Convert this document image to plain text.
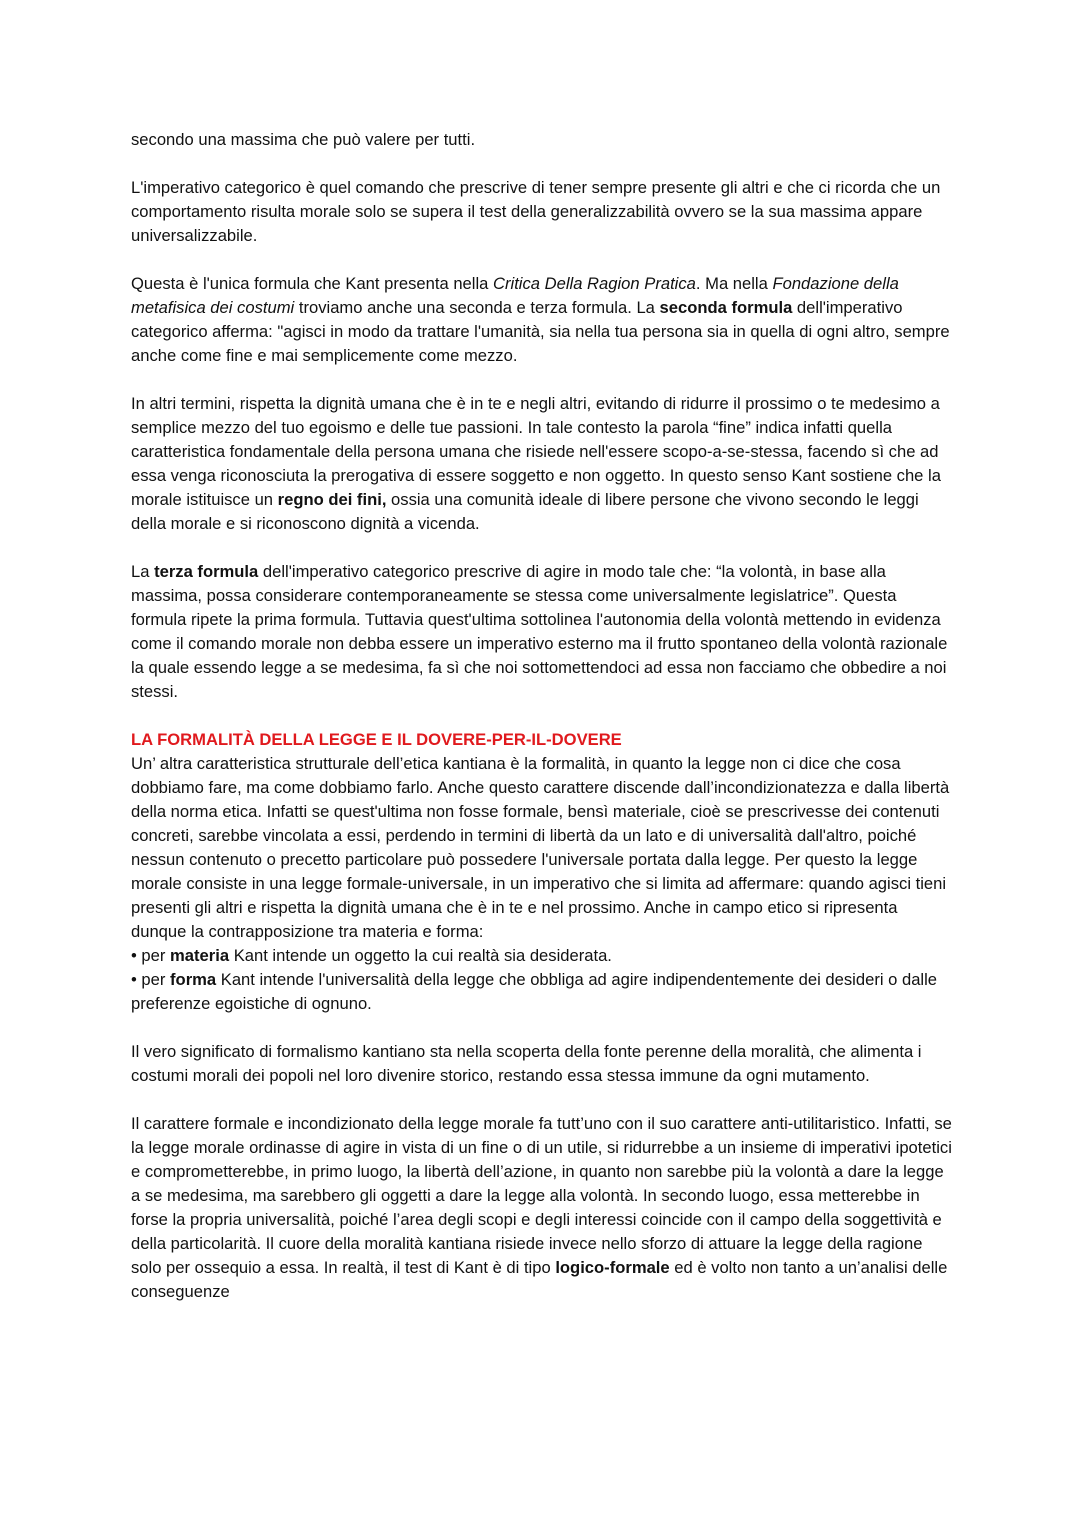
secondo una massima che può valere per tutti.

L'imperativo categorico è quel comando che prescrive di tener sempre presente gli altri e che ci ricorda che un comportamento risulta morale solo se supera il test della generalizzabilità ovvero se la sua massima appare universalizzabile.

Questa è l'unica formula che Kant presenta nella Critica Della Ragion Pratica. Ma nella Fondazione della metafisica dei costumi troviamo anche una seconda e terza formula. La seconda formula dell'imperativo categorico afferma: "agisci in modo da trattare l'umanità, sia nella tua persona sia in quella di ogni altro, sempre anche come fine e mai semplicemente come mezzo.

In altri termini, rispetta la dignità umana che è in te e negli altri, evitando di ridurre il prossimo o te medesimo a semplice mezzo del tuo egoismo e delle tue passioni. In tale contesto la parola “fine” indica infatti quella caratteristica fondamentale della persona umana che risiede nell'essere scopo-a-se-stessa, facendo sì che ad essa venga riconosciuta la prerogativa di essere soggetto e non oggetto. In questo senso Kant sostiene che la morale istituisce un regno dei fini, ossia una comunità ideale di libere persone che vivono secondo le leggi della morale e si riconoscono dignità a vicenda.

La terza formula dell'imperativo categorico prescrive di agire in modo tale che: “la volontà, in base alla massima, possa considerare contemporaneamente se stessa come universalmente legislatrice”. Questa formula ripete la prima formula. Tuttavia quest'ultima sottolinea l'autonomia della volontà mettendo in evidenza come il comando morale non debba essere un imperativo esterno ma il frutto spontaneo della volontà razionale la quale essendo legge a se medesima, fa sì che noi sottomettendoci ad essa non facciamo che obbedire a noi stessi.

LA FORMALITÀ DELLA LEGGE E IL DOVERE-PER-IL-DOVERE

Un’ altra caratteristica strutturale dell’etica kantiana è la formalità, in quanto la legge non ci dice che cosa dobbiamo fare, ma come dobbiamo farlo. Anche questo carattere discende dall’incondizionatezza e dalla libertà della norma etica. Infatti se quest'ultima non fosse formale, bensì materiale, cioè se prescrivesse dei contenuti concreti, sarebbe vincolata a essi, perdendo in termini di libertà da un lato e di universalità dall'altro, poiché nessun contenuto o precetto particolare può possedere l'universale portata dalla legge. Per questo la legge morale consiste in una legge formale-universale, in un imperativo che si limita ad affermare: quando agisci tieni presenti gli altri e rispetta la dignità umana che è in te e nel prossimo. Anche in campo etico si ripresenta dunque la contrapposizione tra materia e forma:

• per materia Kant intende un oggetto la cui realtà sia desiderata.

• per forma Kant intende l'universalità della legge che obbliga ad agire indipendentemente dei desideri o dalle preferenze egoistiche di ognuno.

Il vero significato di formalismo kantiano sta nella scoperta della fonte perenne della moralità, che alimenta i costumi morali dei popoli nel loro divenire storico, restando essa stessa immune da ogni mutamento.

Il carattere formale e incondizionato della legge morale fa tutt’uno con il suo carattere anti-utilitaristico. Infatti, se la legge morale ordinasse di agire in vista di un fine o di un utile, si ridurrebbe a un insieme di imperativi ipotetici e comprometterebbe, in primo luogo, la libertà dell’azione, in quanto non sarebbe più la volontà a dare la legge a se medesima, ma sarebbero gli oggetti a dare la legge alla volontà. In secondo luogo, essa metterebbe in forse la propria universalità, poiché l’area degli scopi e degli interessi coincide con il campo della soggettività e della particolarità. Il cuore della moralità kantiana risiede invece nello sforzo di attuare la legge della ragione solo per ossequio a essa. In realtà, il test di Kant è di tipo logico-formale ed è volto non tanto a un’analisi delle conseguenze
